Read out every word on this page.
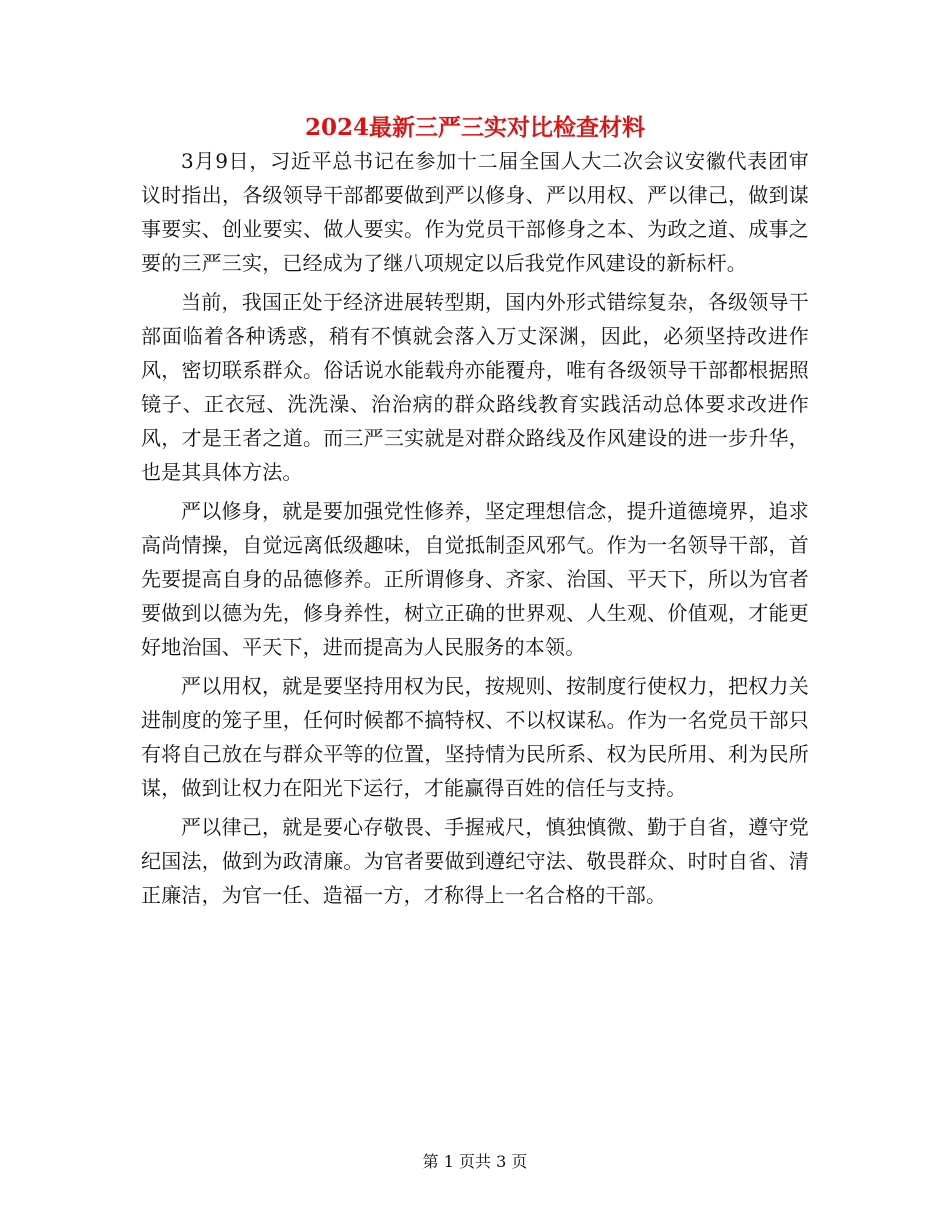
2024最新三严三实对比检查材料

3月9日，习近平总书记在参加十二届全国人大二次会议安徽代表团审议时指出，各级领导干部都要做到严以修身、严以用权、严以律己，做到谋事要实、创业要实、做人要实。作为党员干部修身之本、为政之道、成事之要的三严三实，已经成为了继八项规定以后我党作风建设的新标杆。

当前，我国正处于经济进展转型期，国内外形式错综复杂，各级领导干部面临着各种诱惑，稍有不慎就会落入万丈深渊，因此，必须坚持改进作风，密切联系群众。俗话说水能载舟亦能覆舟，唯有各级领导干部都根据照镜子、正衣冠、洗洗澡、治治病的群众路线教育实践活动总体要求改进作风，才是王者之道。而三严三实就是对群众路线及作风建设的进一步升华，也是其具体方法。

严以修身，就是要加强党性修养，坚定理想信念，提升道德境界，追求高尚情操，自觉远离低级趣味，自觉抵制歪风邪气。作为一名领导干部，首先要提高自身的品德修养。正所谓修身、齐家、治国、平天下，所以为官者要做到以德为先，修身养性，树立正确的世界观、人生观、价值观，才能更好地治国、平天下，进而提高为人民服务的本领。

严以用权，就是要坚持用权为民，按规则、按制度行使权力，把权力关进制度的笼子里，任何时候都不搞特权、不以权谋私。作为一名党员干部只有将自己放在与群众平等的位置，坚持情为民所系、权为民所用、利为民所谋，做到让权力在阳光下运行，才能赢得百姓的信任与支持。

严以律己，就是要心存敬畏、手握戒尺，慎独慎微、勤于自省，遵守党纪国法，做到为政清廉。为官者要做到遵纪守法、敬畏群众、时时自省、清正廉洁，为官一任、造福一方，才称得上一名合格的干部。

第 1 页共 3 页
